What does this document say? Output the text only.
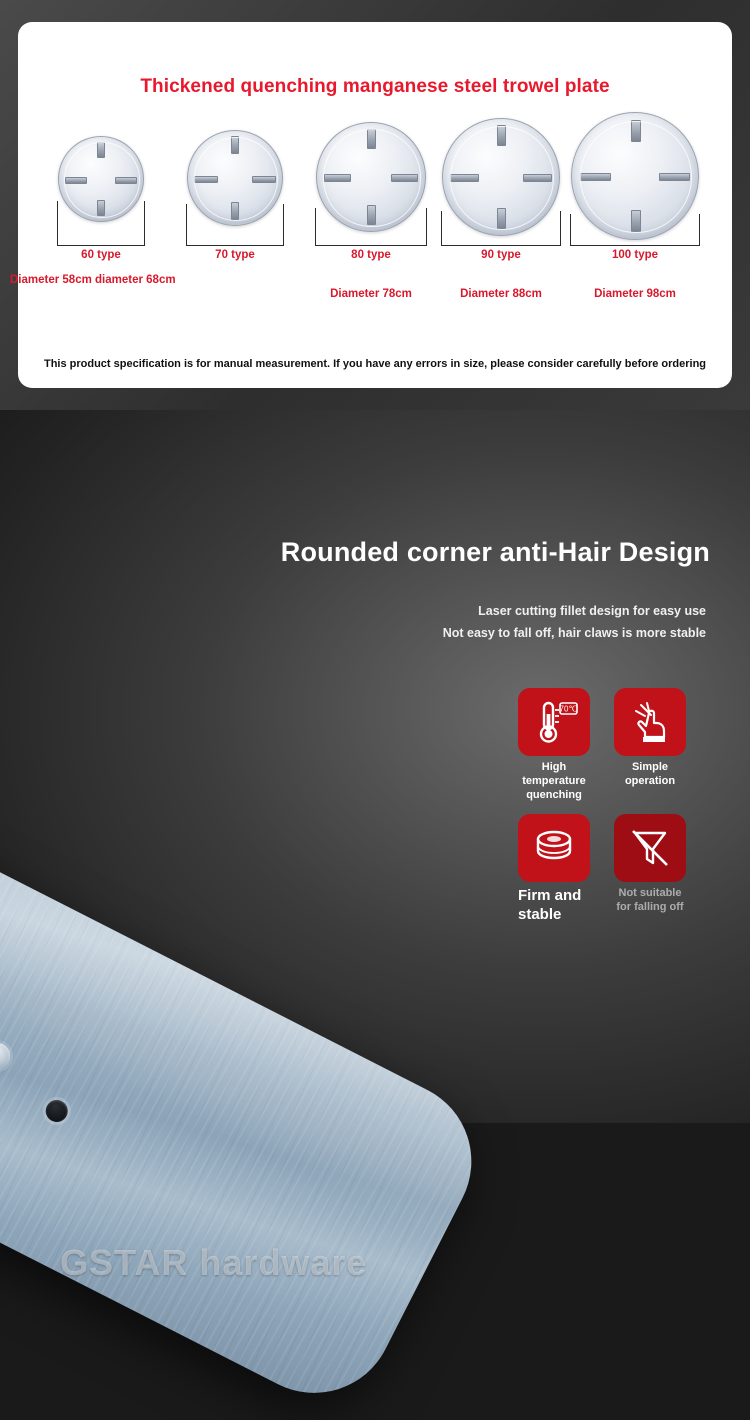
Thickened quenching manganese steel trowel plate
60 type
Diameter 58cm diameter 68cm
70 type	80 type
Diameter 78cm
90 type
Diameter 88cm
100 type
Diameter 98cm
This product specification is for manual measurement. If you have any errors in size, please consider carefully before ordering
GSTAR hardware
Rounded corner anti-Hair Design
Laser cutting fillet design for easy use
Not easy to fall off, hair claws is more stable
70℃
High temperature quenching
Simple operation
Firm and stable
Not suitable for falling off
